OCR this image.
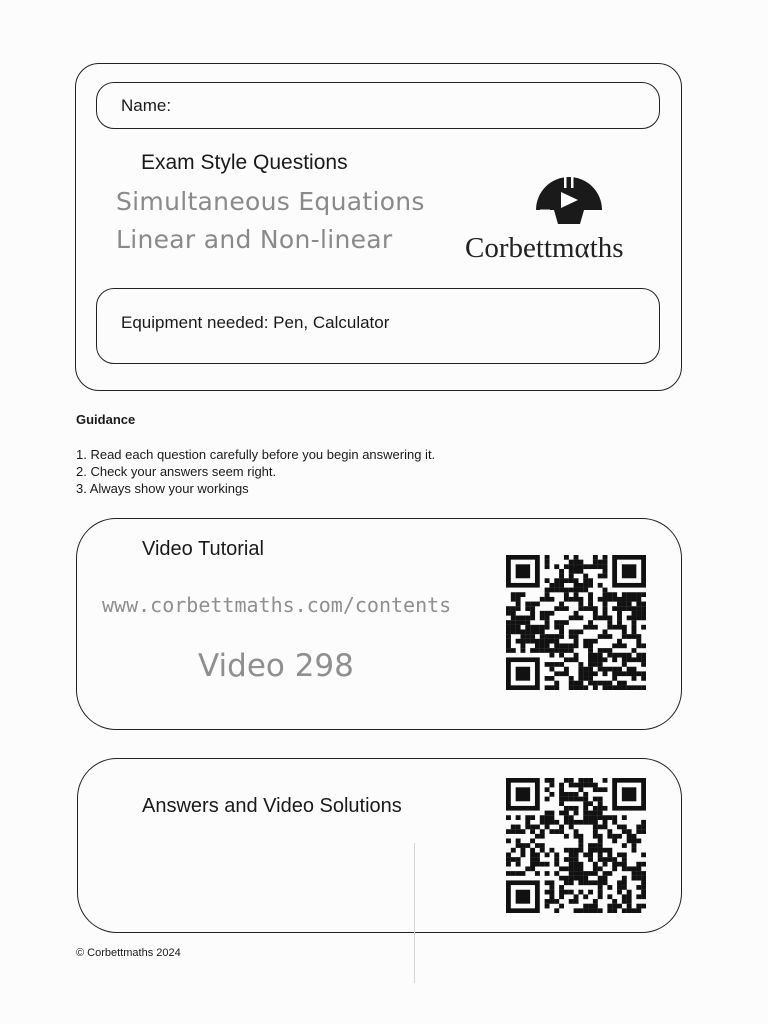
Name:
Exam Style Questions
Simultaneous Equations
Linear and Non-linear Corbettmαths
Equipment needed: Pen, Calculator
Guidance
1. Read each question carefully before you begin answering it.
2. Check your answers seem right.
3. Always show your workings
Video Tutorial
www.corbettmaths.com/contents
Video 298
Answers and Video Solutions
© Corbettmaths 2024
